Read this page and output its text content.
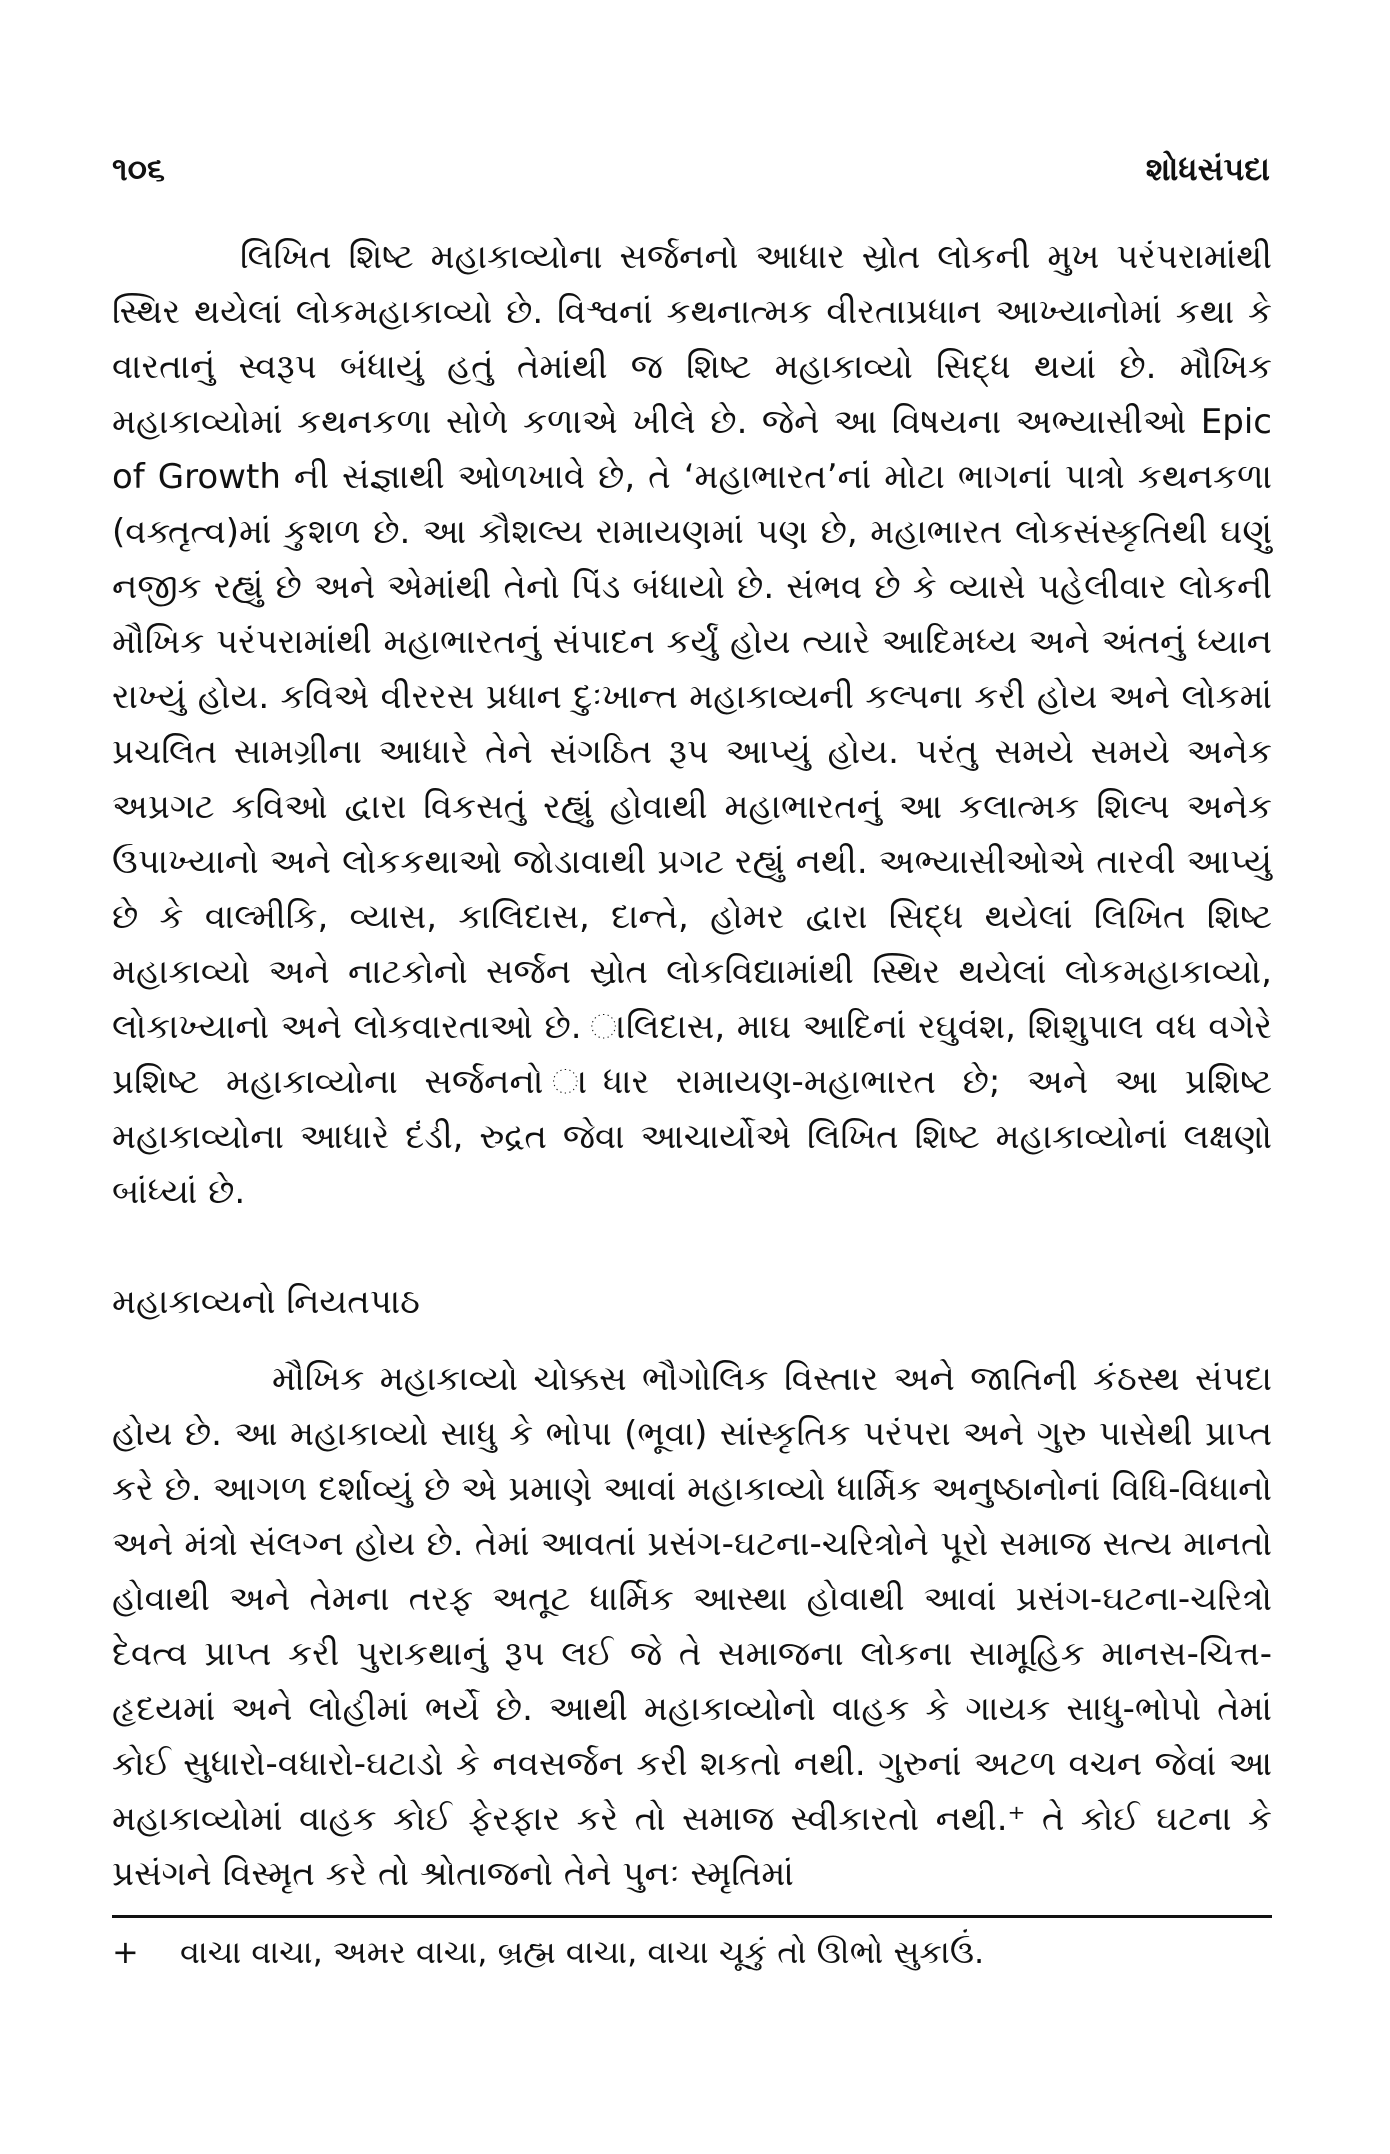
૧૦૬	શોધસંપદા

લિખિત શિષ્ટ મહાકાવ્યોના સર્જનનો આધાર સ્રોત લોકની મુખ પરંપરામાંથી સ્થિર થયેલાં લોકમહાકાવ્યો છે. વિશ્વનાં કથનાત્મક વીરતાપ્રધાન આખ્યાનોમાં કથા કે વારતાનું સ્વરૂપ બંધાયું હતું તેમાંથી જ શિષ્ટ મહાકાવ્યો સિદ્ધ થયાં છે. મૌખિક મહાકાવ્યોમાં કથનકળા સોળે કળાએ ખીલે છે. જેને આ વિષયના અભ્યાસીઓ Epic of Growth ની સંજ્ઞાથી ઓળખાવે છે, તે ‘મહાભારત’નાં મોટા ભાગનાં પાત્રો કથનકળા (વક્તૃત્વ)માં કુશળ છે. આ કૌશલ્ય રામાયણમાં પણ છે, મહાભારત લોકસંસ્કૃતિથી ઘણું નજીક રહ્યું છે અને એમાંથી તેનો પિંડ બંધાયો છે. સંભવ છે કે વ્યાસે પહેલીવાર લોકની મૌખિક પરંપરામાંથી મહાભારતનું સંપાદન કર્યું હોય ત્યારે આદિમધ્ય અને અંતનું ધ્યાન રાખ્યું હોય. કવિએ વીરરસ પ્રધાન દુઃખાન્ત મહાકાવ્યની કલ્પના કરી હોય અને લોકમાં પ્રચલિત સામગ્રીના આધારે તેને સંગઠિત રૂપ આપ્યું હોય. પરંતુ સમયે સમયે અનેક અપ્રગટ કવિઓ દ્વારા વિકસતું રહ્યું હોવાથી મહાભારતનું આ કલાત્મક શિલ્પ અનેક ઉપાખ્યાનો અને લોકકથાઓ જોડાવાથી પ્રગટ રહ્યું નથી. અભ્યાસીઓએ તારવી આપ્યું છે કે વાલ્મીકિ, વ્યાસ, કાલિદાસ, દાન્તે, હોમર દ્વારા સિદ્ધ થયેલાં લિખિત શિષ્ટ મહાકાવ્યો અને નાટકોનો સર્જન સ્રોત લોકવિદ્યામાંથી સ્થિર થયેલાં લોકમહાકાવ્યો, લોકાખ્યાનો અને લોકવારતાઓ છે. ાલિદાસ, માઘ આદિનાં રઘુવંશ, શિશુપાલ વધ વગેરે પ્રશિષ્ટ મહાકાવ્યોના સર્જનનો ાધાર રામાયણ-મહાભારત છે; અને આ પ્રશિષ્ટ મહાકાવ્યોના આધારે દંડી, રુદ્રત જેવા આચાર્યોએ લિખિત શિષ્ટ મહાકાવ્યોનાં લક્ષણો બાંધ્યાં છે.

મહાકાવ્યનો નિયતપાઠ

મૌખિક મહાકાવ્યો ચોક્કસ ભૌગોલિક વિસ્તાર અને જાતિની કંઠસ્થ સંપદા હોય છે. આ મહાકાવ્યો સાધુ કે ભોપા (ભૂવા) સાંસ્કૃતિક પરંપરા અને ગુરુ પાસેથી પ્રાપ્ત કરે છે. આગળ દર્શાવ્યું છે એ પ્રમાણે આવાં મહાકાવ્યો ધાર્મિક અનુષ્ઠાનોનાં વિધિ-વિધાનો અને મંત્રો સંલગ્ન હોય છે. તેમાં આવતાં પ્રસંગ-ઘટના-ચરિત્રોને પૂરો સમાજ સત્ય માનતો હોવાથી અને તેમના તરફ અતૂટ ધાર્મિક આસ્થા હોવાથી આવાં પ્રસંગ-ઘટના-ચરિત્રો દેવત્વ પ્રાપ્ત કરી પુરાકથાનું રૂપ લઈ જે તે સમાજના લોકના સામૂહિક માનસ-ચિત્ત-હૃદયમાં અને લોહીમાં ભર્યે છે. આથી મહાકાવ્યોનો વાહક કે ગાયક સાધુ-ભોપો તેમાં કોઈ સુધારો-વધારો-ઘટાડો કે નવસર્જન કરી શકતો નથી. ગુરુનાં અટળ વચન જેવાં આ મહાકાવ્યોમાં વાહક કોઈ ફેરફાર કરે તો સમાજ સ્વીકારતો નથી.⁺ તે કોઈ ઘટના કે પ્રસંગને વિસ્મૃત કરે તો શ્રોતાજનો તેને પુનઃ સ્મૃતિમાં

+ વાચા વાચા, અમર વાચા, બ્રહ્મ વાચા, વાચા ચૂકું તો ઊભો સુકાઉં.
